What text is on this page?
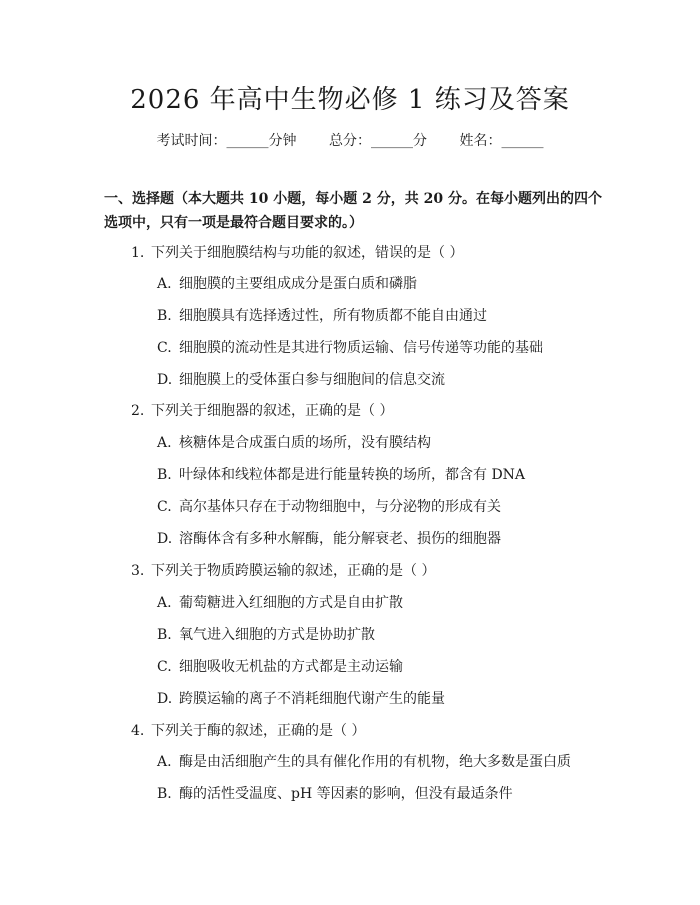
2026 年高中生物必修 1 练习及答案
考试时间：______分钟 总分：______分 姓名：______

一、选择题（本大题共 10 小题，每小题 2 分，共 20 分。在每小题列出的四个选项中，只有一项是最符合题目要求的。）

1. 下列关于细胞膜结构与功能的叙述，错误的是（ ）
A. 细胞膜的主要组成成分是蛋白质和磷脂
B. 细胞膜具有选择透过性，所有物质都不能自由通过
C. 细胞膜的流动性是其进行物质运输、信号传递等功能的基础
D. 细胞膜上的受体蛋白参与细胞间的信息交流
2. 下列关于细胞器的叙述，正确的是（ ）
A. 核糖体是合成蛋白质的场所，没有膜结构
B. 叶绿体和线粒体都是进行能量转换的场所，都含有 DNA
C. 高尔基体只存在于动物细胞中，与分泌物的形成有关
D. 溶酶体含有多种水解酶，能分解衰老、损伤的细胞器
3. 下列关于物质跨膜运输的叙述，正确的是（ ）
A. 葡萄糖进入红细胞的方式是自由扩散
B. 氧气进入细胞的方式是协助扩散
C. 细胞吸收无机盐的方式都是主动运输
D. 跨膜运输的离子不消耗细胞代谢产生的能量
4. 下列关于酶的叙述，正确的是（ ）
A. 酶是由活细胞产生的具有催化作用的有机物，绝大多数是蛋白质
B. 酶的活性受温度、pH 等因素的影响，但没有最适条件
